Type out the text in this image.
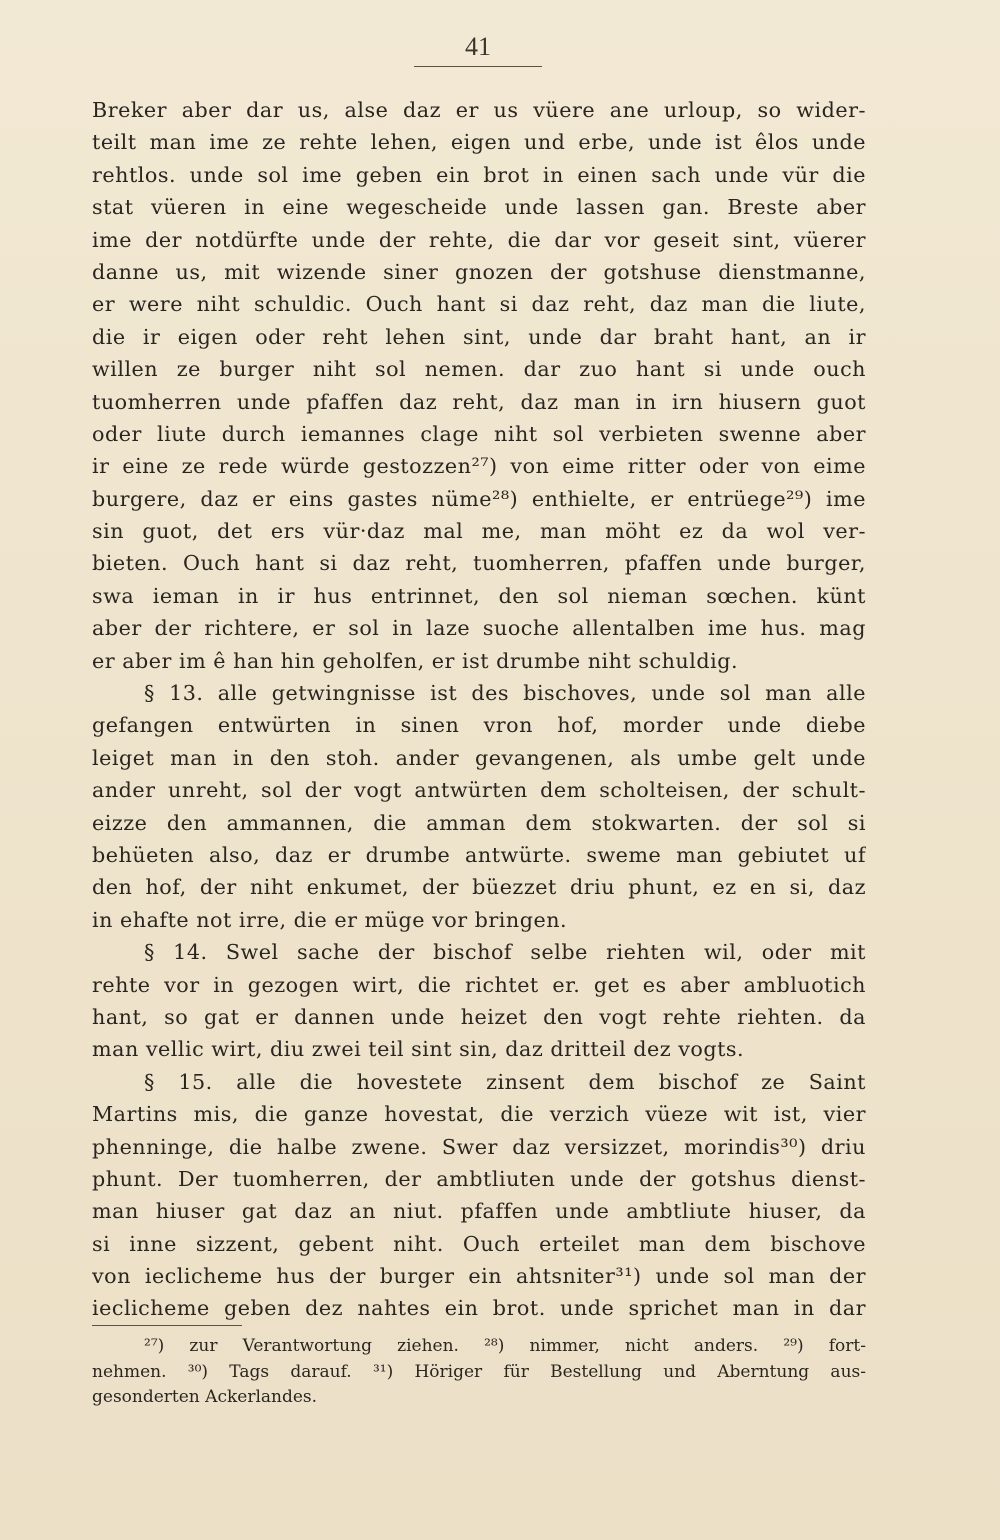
41
Breker aber dar us, alse daz er us vüere ane urloup, so wider-
teilt man ime ze rehte lehen, eigen und erbe, unde ist êlos unde
rehtlos. unde sol ime geben ein brot in einen sach unde vür die
stat vüeren in eine wegescheide unde lassen gan. Breste aber
ime der notdürfte unde der rehte, die dar vor geseit sint, vüerer
danne us, mit wizende siner gnozen der gotshuse dienstmanne,
er were niht schuldic. Ouch hant si daz reht, daz man die liute,
die ir eigen oder reht lehen sint, unde dar braht hant, an ir
willen ze burger niht sol nemen. dar zuo hant si unde ouch
tuomherren unde pfaffen daz reht, daz man in irn hiusern guot
oder liute durch iemannes clage niht sol verbieten swenne aber
ir eine ze rede würde gestozzen²⁷) von eime ritter oder von eime
burgere, daz er eins gastes nüme²⁸) enthielte, er entrüege²⁹) ime
sin guot, det ers vür·daz mal me, man möht ez da wol ver-
bieten. Ouch hant si daz reht, tuomherren, pfaffen unde burger,
swa ieman in ir hus entrinnet, den sol nieman sœchen. künt
aber der richtere, er sol in laze suoche allentalben ime hus. mag
er aber im ê han hin geholfen, er ist drumbe niht schuldig.
§ 13. alle getwingnisse ist des bischoves, unde sol man alle
gefangen entwürten in sinen vron hof, morder unde diebe
leiget man in den stoh. ander gevangenen, als umbe gelt unde
ander unreht, sol der vogt antwürten dem scholteisen, der schult-
eizze den ammannen, die amman dem stokwarten. der sol si
behüeten also, daz er drumbe antwürte. sweme man gebiutet uf
den hof, der niht enkumet, der büezzet driu phunt, ez en si, daz
in ehafte not irre, die er müge vor bringen.
§ 14. Swel sache der bischof selbe riehten wil, oder mit
rehte vor in gezogen wirt, die richtet er. get es aber ambluotich
hant, so gat er dannen unde heizet den vogt rehte riehten. da
man vellic wirt, diu zwei teil sint sin, daz dritteil dez vogts.
§ 15. alle die hovestete zinsent dem bischof ze Saint
Martins mis, die ganze hovestat, die verzich vüeze wit ist, vier
phenninge, die halbe zwene. Swer daz versizzet, morindis³⁰) driu
phunt. Der tuomherren, der ambtliuten unde der gotshus dienst-
man hiuser gat daz an niut. pfaffen unde ambtliute hiuser, da
si inne sizzent, gebent niht. Ouch erteilet man dem bischove
von ieclicheme hus der burger ein ahtsniter³¹) unde sol man der
ieclicheme geben dez nahtes ein brot. unde sprichet man in dar
²⁷) zur Verantwortung ziehen. ²⁸) nimmer, nicht anders. ²⁹) fort-
nehmen. ³⁰) Tags darauf. ³¹) Höriger für Bestellung und Aberntung aus-
gesonderten Ackerlandes.
